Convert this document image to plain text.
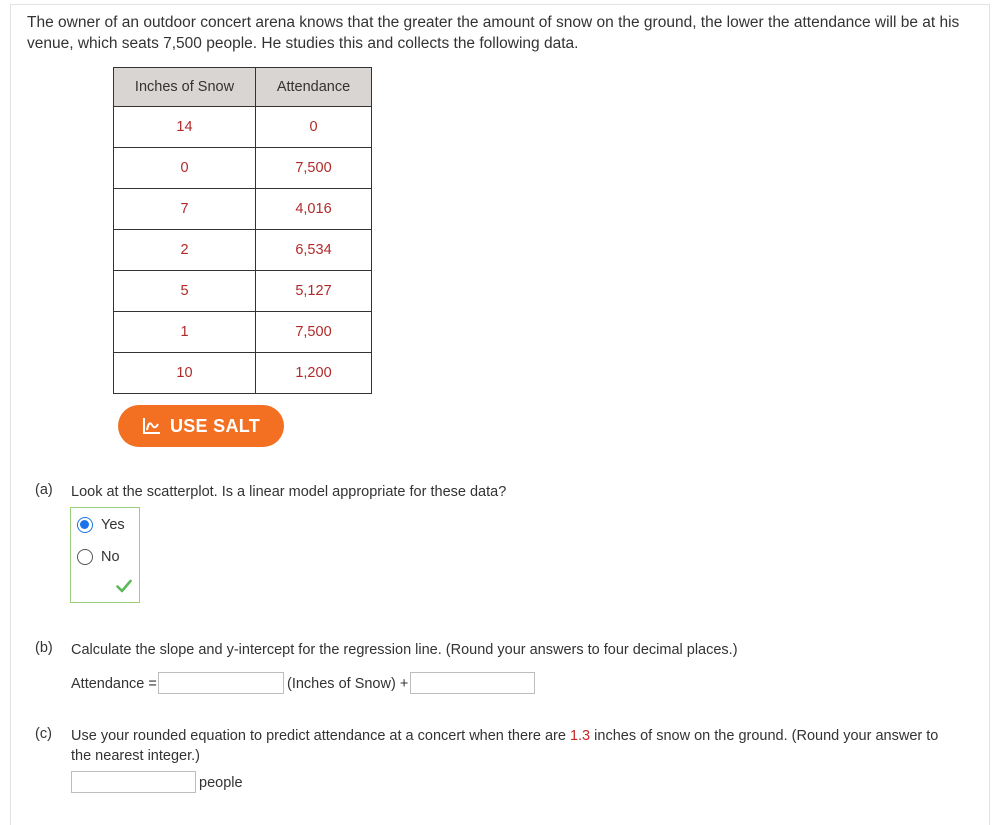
The owner of an outdoor concert arena knows that the greater the amount of snow on the ground, the lower the attendance will be at his venue, which seats 7,500 people. He studies this and collects the following data.
Inches of Snow	Attendance
14	0
0	7,500
7	4,016
2	6,534
5	5,127
1	7,500
10	1,200
USE SALT
(a) Look at the scatterplot. Is a linear model appropriate for these data?
Yes
No
(b) Calculate the slope and y-intercept for the regression line. (Round your answers to four decimal places.)
Attendance =	(Inches of Snow) +
(c) Use your rounded equation to predict attendance at a concert when there are 1.3 inches of snow on the ground. (Round your answer to the nearest integer.)
people
